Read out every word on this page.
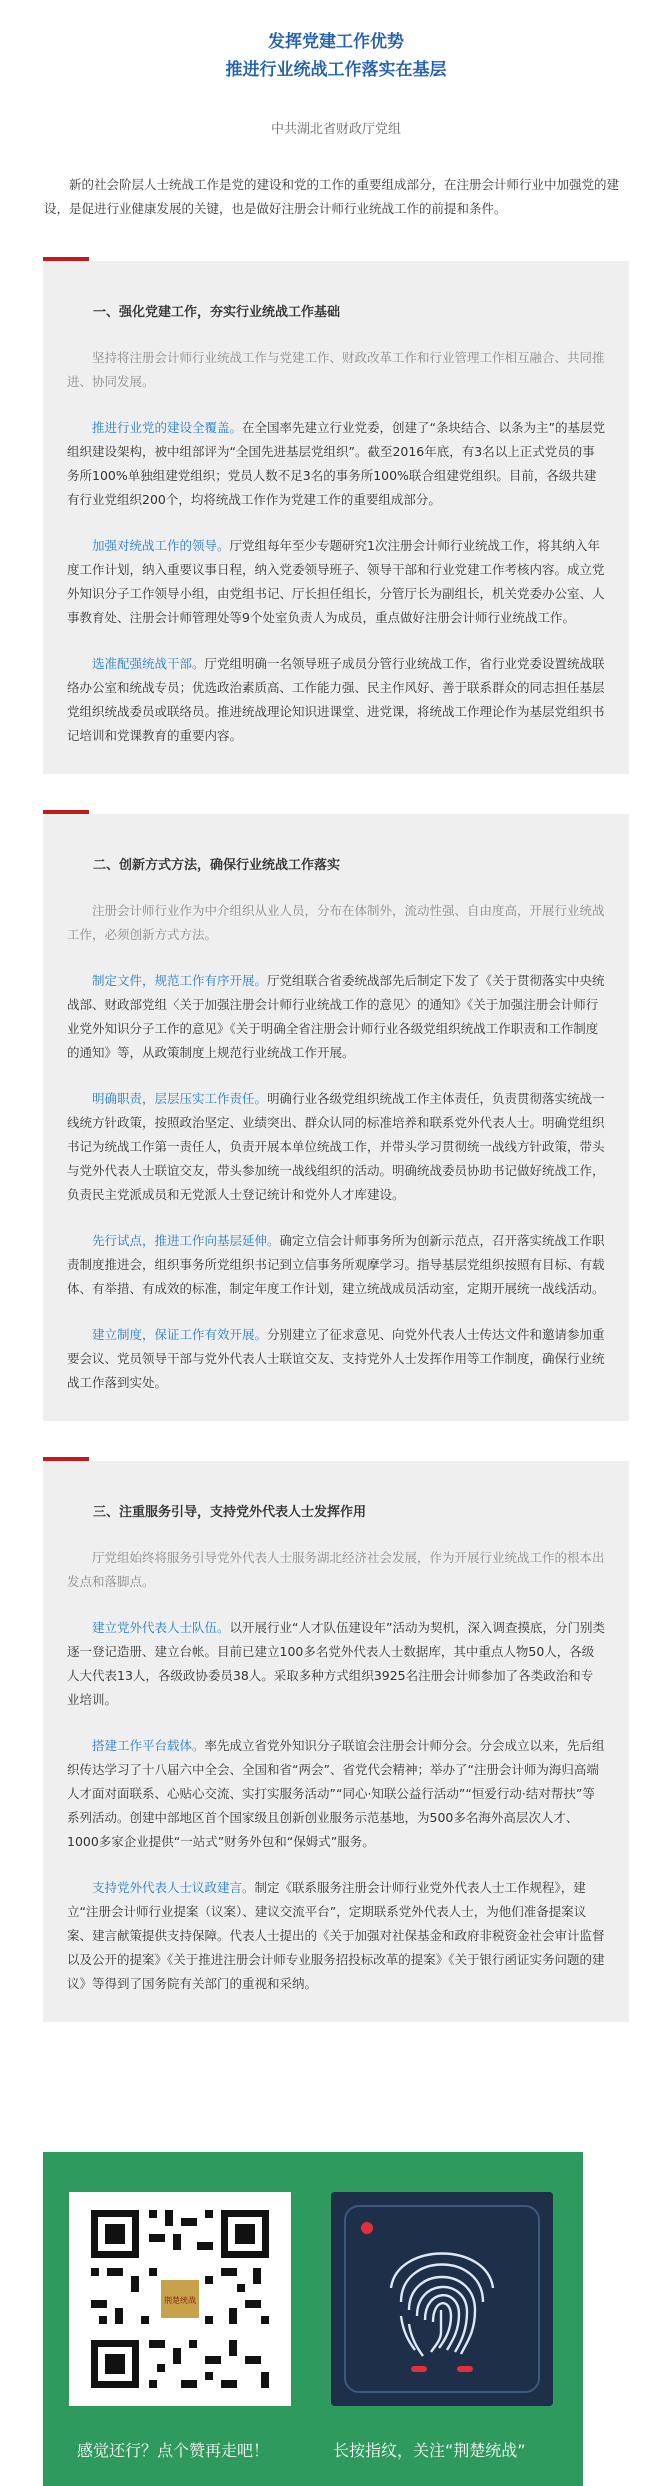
发挥党建工作优势
推进行业统战工作落实在基层
中共湖北省财政厅党组
新的社会阶层人士统战工作是党的建设和党的工作的重要组成部分，在注册会计师行业中加强党的建设，是促进行业健康发展的关键，也是做好注册会计师行业统战工作的前提和条件。
一、强化党建工作，夯实行业统战工作基础
坚持将注册会计师行业统战工作与党建工作、财政改革工作和行业管理工作相互融合、共同推进、协同发展。
推进行业党的建设全覆盖。在全国率先建立行业党委，创建了“条块结合、以条为主”的基层党组织建设架构，被中组部评为“全国先进基层党组织”。截至2016年底，有3名以上正式党员的事务所100%单独组建党组织；党员人数不足3名的事务所100%联合组建党组织。目前，各级共建有行业党组织200个，均将统战工作作为党建工作的重要组成部分。
加强对统战工作的领导。厅党组每年至少专题研究1次注册会计师行业统战工作，将其纳入年度工作计划，纳入重要议事日程，纳入党委领导班子、领导干部和行业党建工作考核内容。成立党外知识分子工作领导小组，由党组书记、厅长担任组长，分管厅长为副组长，机关党委办公室、人事教育处、注册会计师管理处等9个处室负责人为成员，重点做好注册会计师行业统战工作。
选准配强统战干部。厅党组明确一名领导班子成员分管行业统战工作，省行业党委设置统战联络办公室和统战专员；优选政治素质高、工作能力强、民主作风好、善于联系群众的同志担任基层党组织统战委员或联络员。推进统战理论知识进课堂、进党课，将统战工作理论作为基层党组织书记培训和党课教育的重要内容。
二、创新方式方法，确保行业统战工作落实
注册会计师行业作为中介组织从业人员，分布在体制外，流动性强、自由度高，开展行业统战工作，必须创新方式方法。
制定文件，规范工作有序开展。厅党组联合省委统战部先后制定下发了《关于贯彻落实中央统战部、财政部党组〈关于加强注册会计师行业统战工作的意见〉的通知》《关于加强注册会计师行业党外知识分子工作的意见》《关于明确全省注册会计师行业各级党组织统战工作职责和工作制度的通知》等，从政策制度上规范行业统战工作开展。
明确职责，层层压实工作责任。明确行业各级党组织统战工作主体责任，负责贯彻落实统战一线统方针政策，按照政治坚定、业绩突出、群众认同的标准培养和联系党外代表人士。明确党组织书记为统战工作第一责任人，负责开展本单位统战工作，并带头学习贯彻统一战线方针政策，带头与党外代表人士联谊交友，带头参加统一战线组织的活动。明确统战委员协助书记做好统战工作，负责民主党派成员和无党派人士登记统计和党外人才库建设。
先行试点，推进工作向基层延伸。确定立信会计师事务所为创新示范点，召开落实统战工作职责制度推进会，组织事务所党组织书记到立信事务所观摩学习。指导基层党组织按照有目标、有载体、有举措、有成效的标准，制定年度工作计划，建立统战成员活动室，定期开展统一战线活动。
建立制度，保证工作有效开展。分别建立了征求意见、向党外代表人士传达文件和邀请参加重要会议、党员领导干部与党外代表人士联谊交友、支持党外人士发挥作用等工作制度，确保行业统战工作落到实处。
三、注重服务引导，支持党外代表人士发挥作用
厅党组始终将服务引导党外代表人士服务湖北经济社会发展，作为开展行业统战工作的根本出发点和落脚点。
建立党外代表人士队伍。以开展行业“人才队伍建设年”活动为契机，深入调查摸底，分门别类逐一登记造册、建立台帐。目前已建立100多名党外代表人士数据库，其中重点人物50人，各级人大代表13人，各级政协委员38人。采取多种方式组织3925名注册会计师参加了各类政治和专业培训。
搭建工作平台载体。率先成立省党外知识分子联谊会注册会计师分会。分会成立以来，先后组织传达学习了十八届六中全会、全国和省“两会”、省党代会精神；举办了“注册会计师为海归高端人才面对面联系、心贴心交流、实打实服务活动”“同心·知联公益行活动”“恒爱行动·结对帮扶”等系列活动。创建中部地区首个国家级且创新创业服务示范基地，为500多名海外高层次人才、1000多家企业提供“一站式”财务外包和“保姆式”服务。
支持党外代表人士议政建言。制定《联系服务注册会计师行业党外代表人士工作规程》，建立“注册会计师行业提案（议案）、建议交流平台”，定期联系党外代表人士，为他们准备提案议案、建言献策提供支持保障。代表人士提出的《关于加强对社保基金和政府非税资金社会审计监督以及公开的提案》《关于推进注册会计师专业服务招投标改革的提案》《关于银行函证实务问题的建议》等得到了国务院有关部门的重视和采纳。
荆楚统战
感觉还行？点个赞再走吧！	长按指纹，关注“荆楚统战”
